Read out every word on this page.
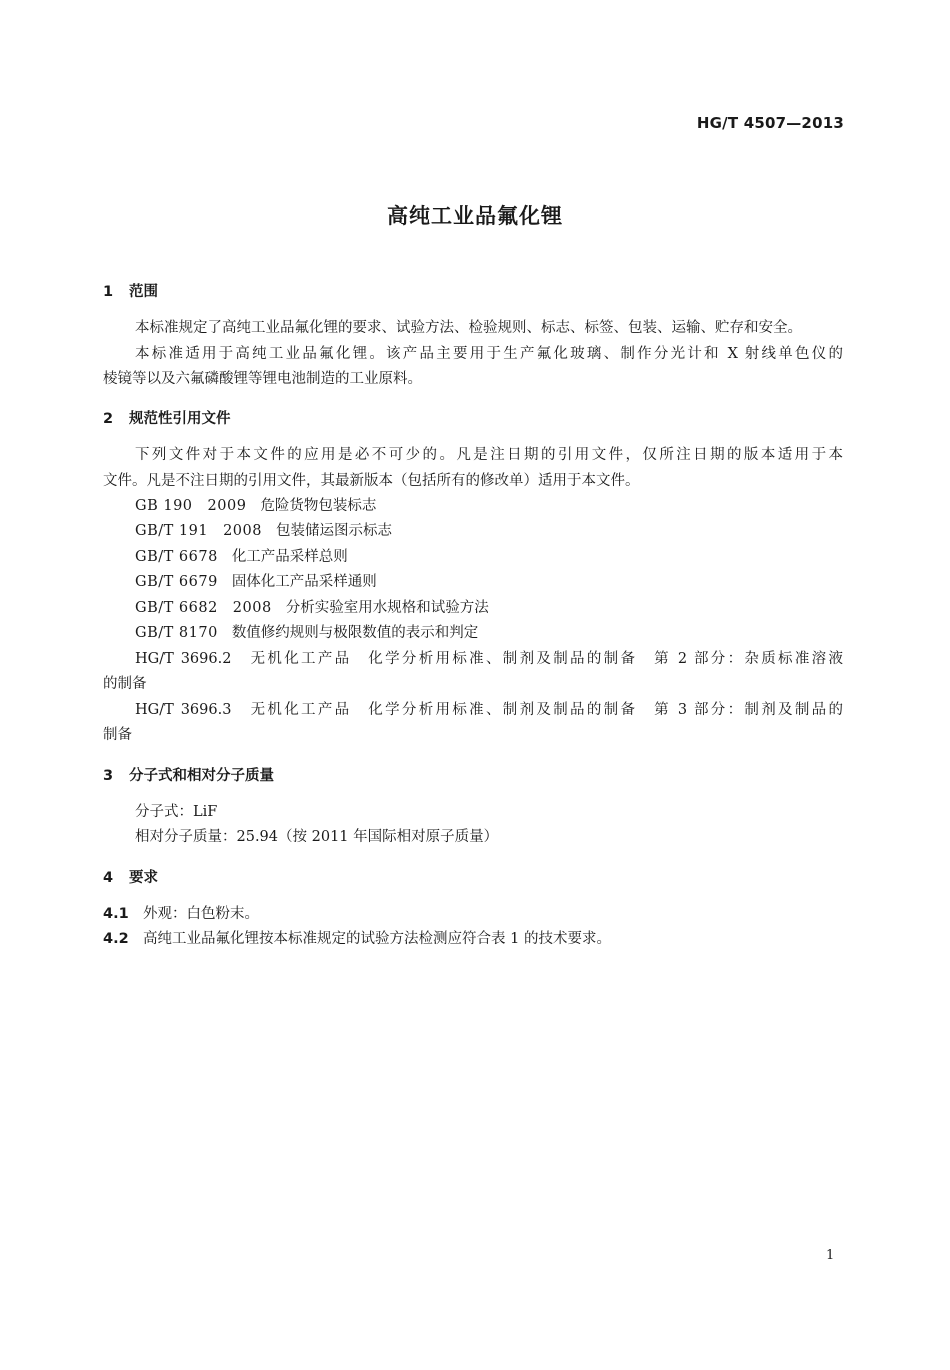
HG/T 4507—2013
高纯工业品氟化锂
1 范围
本标准规定了高纯工业品氟化锂的要求、试验方法、检验规则、标志、标签、包装、运输、贮存和安全。
本标准适用于高纯工业品氟化锂。该产品主要用于生产氟化玻璃、制作分光计和 X 射线单色仪的
棱镜等以及六氟磷酸锂等锂电池制造的工业原料。
2 规范性引用文件
下列文件对于本文件的应用是必不可少的。凡是注日期的引用文件，仅所注日期的版本适用于本
文件。凡是不注日期的引用文件，其最新版本（包括所有的修改单）适用于本文件。
GB 190　2009 危险货物包装标志
GB/T 191　2008 包装储运图示标志
GB/T 6678 化工产品采样总则
GB/T 6679 固体化工产品采样通则
GB/T 6682　2008 分析实验室用水规格和试验方法
GB/T 8170 数值修约规则与极限数值的表示和判定
HG/T 3696.2　无机化工产品　化学分析用标准、制剂及制品的制备　第 2 部分：杂质标准溶液
的制备
HG/T 3696.3　无机化工产品　化学分析用标准、制剂及制品的制备　第 3 部分：制剂及制品的
制备
3 分子式和相对分子质量
分子式：LiF
相对分子质量：25.94（按 2011 年国际相对原子质量）
4 要求
4.1 外观：白色粉末。
4.2 高纯工业品氟化锂按本标准规定的试验方法检测应符合表 1 的技术要求。
1
